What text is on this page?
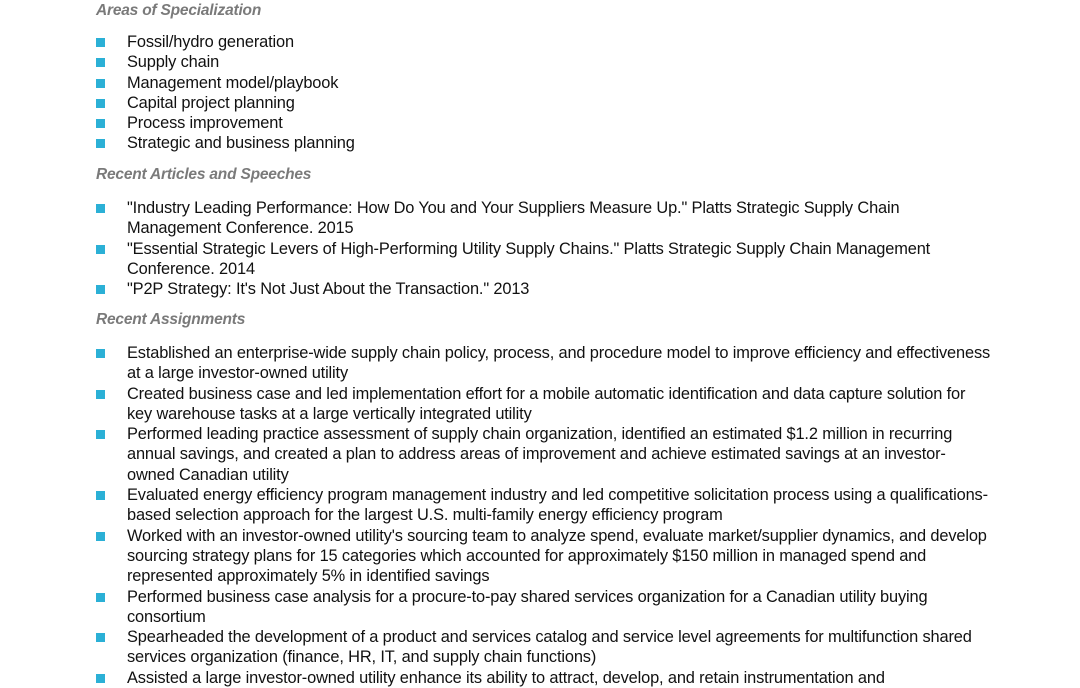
Areas of Specialization
Fossil/hydro generation
Supply chain
Management model/playbook
Capital project planning
Process improvement
Strategic and business planning
Recent Articles and Speeches
"Industry Leading Performance: How Do You and Your Suppliers Measure Up." Platts Strategic Supply Chain Management Conference. 2015
"Essential Strategic Levers of High-Performing Utility Supply Chains." Platts Strategic Supply Chain Management Conference. 2014
"P2P Strategy: It's Not Just About the Transaction." 2013
Recent Assignments
Established an enterprise-wide supply chain policy, process, and procedure model to improve efficiency and effectiveness at a large investor-owned utility
Created business case and led implementation effort for a mobile automatic identification and data capture solution for key warehouse tasks at a large vertically integrated utility
Performed leading practice assessment of supply chain organization, identified an estimated $1.2 million in recurring annual savings, and created a plan to address areas of improvement and achieve estimated savings at an investor-owned Canadian utility
Evaluated energy efficiency program management industry and led competitive solicitation process using a qualifications-based selection approach for the largest U.S. multi-family energy efficiency program
Worked with an investor-owned utility's sourcing team to analyze spend, evaluate market/supplier dynamics, and develop sourcing strategy plans for 15 categories which accounted for approximately $150 million in managed spend and represented approximately 5% in identified savings
Performed business case analysis for a procure-to-pay shared services organization for a Canadian utility buying consortium
Spearheaded the development of a product and services catalog and service level agreements for multifunction shared services organization (finance, HR, IT, and supply chain functions)
Assisted a large investor-owned utility enhance its ability to attract, develop, and retain instrumentation and
